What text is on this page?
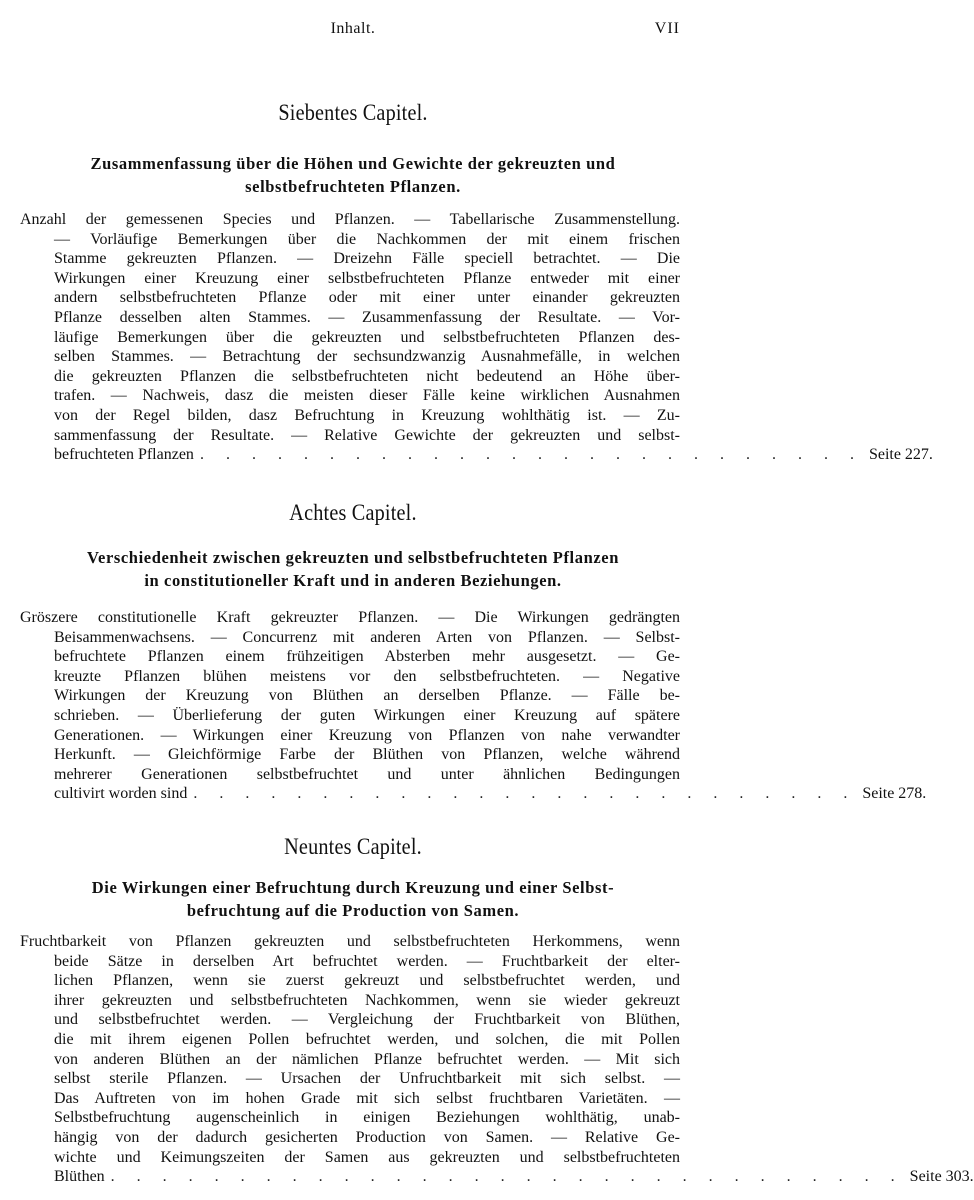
Inhalt.	VII
Siebentes Capitel.
Zusammenfassung über die Höhen und Gewichte der gekreuzten und
selbstbefruchteten Pflanzen.
Anzahl der gemessenen Species und Pflanzen. — Tabellarische Zusammenstellung.
— Vorläufige Bemerkungen über die Nachkommen der mit einem frischen
Stamme gekreuzten Pflanzen. — Dreizehn Fälle speciell betrachtet. — Die
Wirkungen einer Kreuzung einer selbstbefruchteten Pflanze entweder mit einer
andern selbstbefruchteten Pflanze oder mit einer unter einander gekreuzten
Pflanze desselben alten Stammes. — Zusammenfassung der Resultate. — Vor-
läufige Bemerkungen über die gekreuzten und selbstbefruchteten Pflanzen des-
selben Stammes. — Betrachtung der sechsundzwanzig Ausnahmefälle, in welchen
die gekreuzten Pflanzen die selbstbefruchteten nicht bedeutend an Höhe über-
trafen. — Nachweis, dasz die meisten dieser Fälle keine wirklichen Ausnahmen
von der Regel bilden, dasz Befruchtung in Kreuzung wohlthätig ist. — Zu-
sammenfassung der Resultate. — Relative Gewichte der gekreuzten und selbst-
befruchteten Pflanzen . . . . . . . . . . . . . . . . . . . . . . . . . . Seite 227.
Achtes Capitel.
Verschiedenheit zwischen gekreuzten und selbstbefruchteten Pflanzen
in constitutioneller Kraft und in anderen Beziehungen.
Gröszere constitutionelle Kraft gekreuzter Pflanzen. — Die Wirkungen gedrängten
Beisammenwachsens. — Concurrenz mit anderen Arten von Pflanzen. — Selbst-
befruchtete Pflanzen einem frühzeitigen Absterben mehr ausgesetzt. — Ge-
kreuzte Pflanzen blühen meistens vor den selbstbefruchteten. — Negative
Wirkungen der Kreuzung von Blüthen an derselben Pflanze. — Fälle be-
schrieben. — Überlieferung der guten Wirkungen einer Kreuzung auf spätere
Generationen. — Wirkungen einer Kreuzung von Pflanzen von nahe verwandter
Herkunft. — Gleichförmige Farbe der Blüthen von Pflanzen, welche während
mehrerer Generationen selbstbefruchtet und unter ähnlichen Bedingungen
cultivirt worden sind . . . . . . . . . . . . . . . . . . . . . . . . . . Seite 278.
Neuntes Capitel.
Die Wirkungen einer Befruchtung durch Kreuzung und einer Selbst-
befruchtung auf die Production von Samen.
Fruchtbarkeit von Pflanzen gekreuzten und selbstbefruchteten Herkommens, wenn
beide Sätze in derselben Art befruchtet werden. — Fruchtbarkeit der elter-
lichen Pflanzen, wenn sie zuerst gekreuzt und selbstbefruchtet werden, und
ihrer gekreuzten und selbstbefruchteten Nachkommen, wenn sie wieder gekreuzt
und selbstbefruchtet werden. — Vergleichung der Fruchtbarkeit von Blüthen,
die mit ihrem eigenen Pollen befruchtet werden, und solchen, die mit Pollen
von anderen Blüthen an der nämlichen Pflanze befruchtet werden. — Mit sich
selbst sterile Pflanzen. — Ursachen der Unfruchtbarkeit mit sich selbst. —
Das Auftreten von im hohen Grade mit sich selbst fruchtbaren Varietäten. —
Selbstbefruchtung augenscheinlich in einigen Beziehungen wohlthätig, unab-
hängig von der dadurch gesicherten Production von Samen. — Relative Ge-
wichte und Keimungszeiten der Samen aus gekreuzten und selbstbefruchteten
Blüthen . . . . . . . . . . . . . . . . . . . . . . . . . . . . . . . Seite 303.
